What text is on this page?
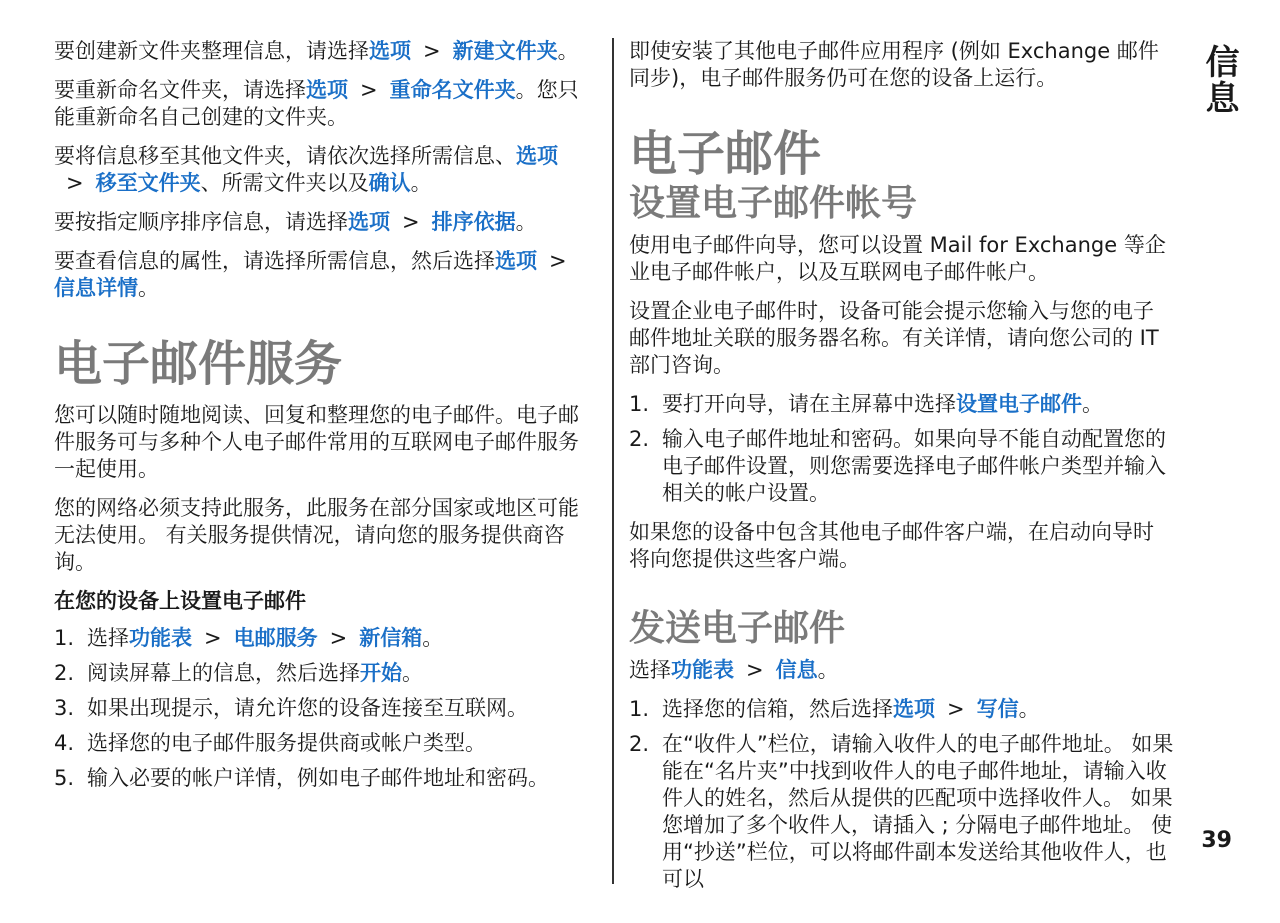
要创建新文件夹整理信息，请选择选项 > 新建文件夹。

要重新命名文件夹，请选择选项 > 重命名文件夹。您只能重新命名自己创建的文件夹。

要将信息移至其他文件夹，请依次选择所需信息、选项> 移至文件夹、所需文件夹以及确认。

要按指定顺序排序信息，请选择选项 > 排序依据。

要查看信息的属性，请选择所需信息，然后选择选项 >信息详情。

电子邮件服务

您可以随时随地阅读、回复和整理您的电子邮件。电子邮件服务可与多种个人电子邮件常用的互联网电子邮件服务一起使用。

您的网络必须支持此服务，此服务在部分国家或地区可能无法使用。 有关服务提供情况，请向您的服务提供商咨询。

在您的设备上设置电子邮件
1. 选择功能表 > 电邮服务 > 新信箱。
2. 阅读屏幕上的信息，然后选择开始。
3. 如果出现提示，请允许您的设备连接至互联网。
4. 选择您的电子邮件服务提供商或帐户类型。
5. 输入必要的帐户详情，例如电子邮件地址和密码。

即使安装了其他电子邮件应用程序 (例如 Exchange 邮件同步)，电子邮件服务仍可在您的设备上运行。

电子邮件
设置电子邮件帐号

使用电子邮件向导，您可以设置 Mail for Exchange 等企业电子邮件帐户，以及互联网电子邮件帐户。

设置企业电子邮件时，设备可能会提示您输入与您的电子邮件地址关联的服务器名称。有关详情，请向您公司的 IT 部门咨询。

1. 要打开向导，请在主屏幕中选择设置电子邮件。
2. 输入电子邮件地址和密码。如果向导不能自动配置您的电子邮件设置，则您需要选择电子邮件帐户类型并输入相关的帐户设置。

如果您的设备中包含其他电子邮件客户端，在启动向导时将向您提供这些客户端。

发送电子邮件

选择功能表 > 信息。

1. 选择您的信箱，然后选择选项 > 写信。
2. 在“收件人”栏位，请输入收件人的电子邮件地址。 如果能在“名片夹”中找到收件人的电子邮件地址，请输入收件人的姓名，然后从提供的匹配项中选择收件人。 如果您增加了多个收件人，请插入 ; 分隔电子邮件地址。 使用“抄送”栏位，可以将邮件副本发送给其他收件人，也可以
信息
39
